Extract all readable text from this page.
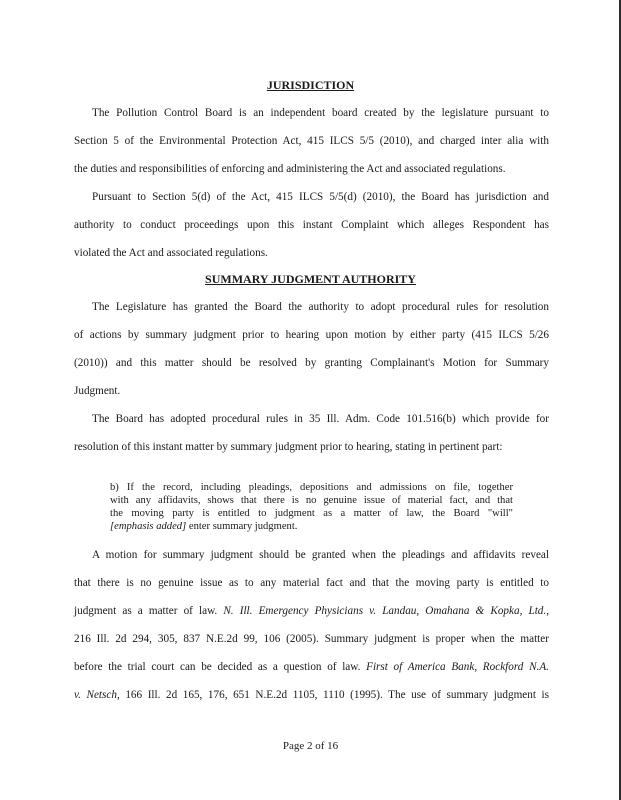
JURISDICTION

The Pollution Control Board is an independent board created by the legislature pursuant to

Section 5 of the Environmental Protection Act, 415 ILCS 5/5 (2010), and charged inter alia with

the duties and responsibilities of enforcing and administering the Act and associated regulations.

Pursuant to Section 5(d) of the Act, 415 ILCS 5/5(d) (2010), the Board has jurisdiction and

authority to conduct proceedings upon this instant Complaint which alleges Respondent has

violated the Act and associated regulations.

SUMMARY JUDGMENT AUTHORITY

The Legislature has granted the Board the authority to adopt procedural rules for resolution

of actions by summary judgment prior to hearing upon motion by either party (415 ILCS 5/26

(2010)) and this matter should be resolved by granting Complainant's Motion for Summary

Judgment.

The Board has adopted procedural rules in 35 Ill. Adm. Code 101.516(b) which provide for

resolution of this instant matter by summary judgment prior to hearing, stating in pertinent part:

b) If the record, including pleadings, depositions and admissions on file, together

with any affidavits, shows that there is no genuine issue of material fact, and that

the moving party is entitled to judgment as a matter of law, the Board "will"

[emphasis added] enter summary judgment.

A motion for summary judgment should be granted when the pleadings and affidavits reveal

that there is no genuine issue as to any material fact and that the moving party is entitled to

judgment as a matter of law. N. Ill. Emergency Physicians v. Landau, Omahana & Kopka, Ltd.,

216 Ill. 2d 294, 305, 837 N.E.2d 99, 106 (2005). Summary judgment is proper when the matter

before the trial court can be decided as a question of law. First of America Bank, Rockford N.A.

v. Netsch, 166 Ill. 2d 165, 176, 651 N.E.2d 1105, 1110 (1995). The use of summary judgment is

Page 2 of 16
